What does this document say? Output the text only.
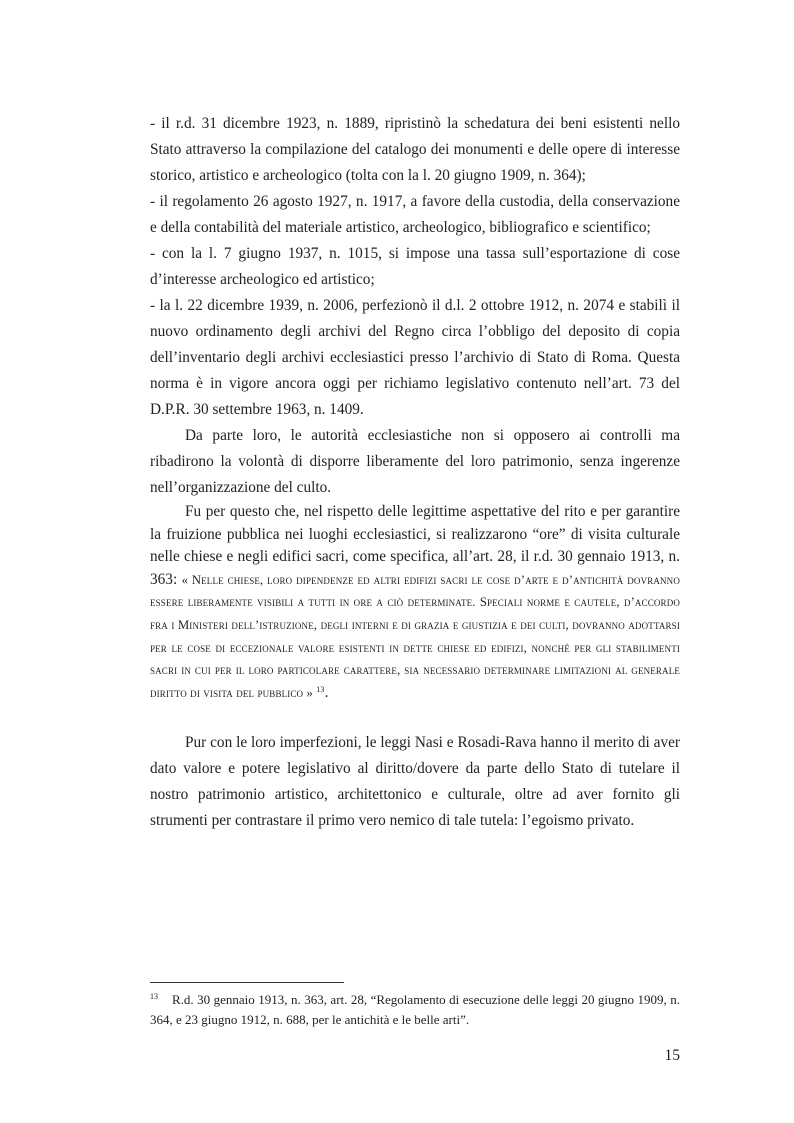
- il r.d. 31 dicembre 1923, n. 1889, ripristinò la schedatura dei beni esistenti nello Stato attraverso la compilazione del catalogo dei monumenti e delle opere di interesse storico, artistico e archeologico (tolta con la l. 20 giugno 1909, n. 364);

- il regolamento 26 agosto 1927, n. 1917, a favore della custodia, della conservazione e della contabilità del materiale artistico, archeologico, bibliografico e scientifico;

- con la l. 7 giugno 1937, n. 1015, si impose una tassa sull’esportazione di cose d’interesse archeologico ed artistico;

- la l. 22 dicembre 1939, n. 2006, perfezionò il d.l. 2 ottobre 1912, n. 2074 e stabilì il nuovo ordinamento degli archivi del Regno circa l’obbligo del deposito di copia dell’inventario degli archivi ecclesiastici presso l’archivio di Stato di Roma. Questa norma è in vigore ancora oggi per richiamo legislativo contenuto nell’art. 73 del D.P.R. 30 settembre 1963, n. 1409.

Da parte loro, le autorità ecclesiastiche non si opposero ai controlli ma ribadirono la volontà di disporre liberamente del loro patrimonio, senza ingerenze nell’organizzazione del culto.

Fu per questo che, nel rispetto delle legittime aspettative del rito e per garantire la fruizione pubblica nei luoghi ecclesiastici, si realizzarono “ore” di visita culturale nelle chiese e negli edifici sacri, come specifica, all’art. 28, il r.d. 30 gennaio 1913, n. 363: « Nelle chiese, loro dipendenze ed altri edifizi sacri le cose d’arte e d’antichità dovranno essere liberamente visibili a tutti in ore a ciò determinate. Speciali norme e cautele, d’accordo fra i Ministeri dell’istruzione, degli interni e di grazia e giustizia e dei culti, dovranno adottarsi per le cose di eccezionale valore esistenti in dette chiese ed edifizi, nonché per gli stabilimenti sacri in cui per il loro particolare carattere, sia necessario determinare limitazioni al generale diritto di visita del pubblico » $^{13}$.

Pur con le loro imperfezioni, le leggi Nasi e Rosadi-Rava hanno il merito di aver dato valore e potere legislativo al diritto/dovere da parte dello Stato di tutelare il nostro patrimonio artistico, architettonico e culturale, oltre ad aver fornito gli strumenti per contrastare il primo vero nemico di tale tutela: l’egoismo privato.

$^{13}$ R.d. 30 gennaio 1913, n. 363, art. 28, “Regolamento di esecuzione delle leggi 20 giugno 1909, n. 364, e 23 giugno 1912, n. 688, per le antichità e le belle arti”.
15
